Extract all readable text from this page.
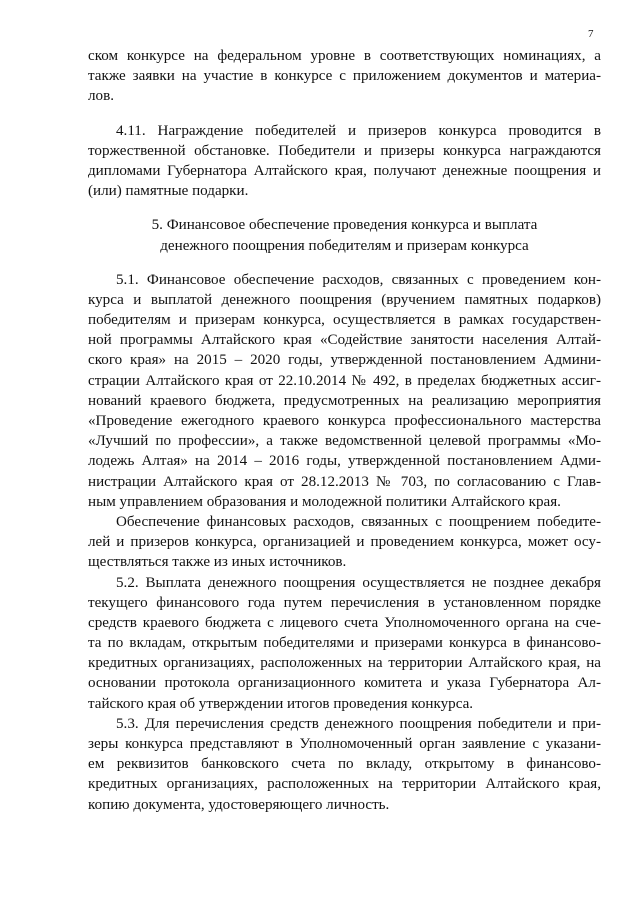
7
ском конкурсе на федеральном уровне в соответствующих номинациях, а
также заявки на участие в конкурсе с приложением документов и материа-
лов.
4.11. Награждение победителей и призеров конкурса проводится в
торжественной обстановке. Победители и призеры конкурса награждаются
дипломами Губернатора Алтайского края, получают денежные поощрения и
(или) памятные подарки.
5. Финансовое обеспечение проведения конкурса и выплата
денежного поощрения победителям и призерам конкурса
5.1. Финансовое обеспечение расходов, связанных с проведением кон-
курса и выплатой денежного поощрения (вручением памятных подарков)
победителям и призерам конкурса, осуществляется в рамках государствен-
ной программы Алтайского края «Содействие занятости населения Алтай-
ского края» на 2015 – 2020 годы, утвержденной постановлением Админи-
страции Алтайского края от 22.10.2014 № 492, в пределах бюджетных ассиг-
нований краевого бюджета, предусмотренных на реализацию мероприятия
«Проведение ежегодного краевого конкурса профессионального мастерства
«Лучший по профессии», а также ведомственной целевой программы «Мо-
лодежь Алтая» на 2014 – 2016 годы, утвержденной постановлением Адми-
нистрации Алтайского края от 28.12.2013 № 703, по согласованию с Глав-
ным управлением образования и молодежной политики Алтайского края.
Обеспечение финансовых расходов, связанных с поощрением победите-
лей и призеров конкурса, организацией и проведением конкурса, может осу-
ществляться также из иных источников.
5.2. Выплата денежного поощрения осуществляется не позднее декабря
текущего финансового года путем перечисления в установленном порядке
средств краевого бюджета с лицевого счета Уполномоченного органа на сче-
та по вкладам, открытым победителями и призерами конкурса в финансово-
кредитных организациях, расположенных на территории Алтайского края, на
основании протокола организационного комитета и указа Губернатора Ал-
тайского края об утверждении итогов проведения конкурса.
5.3. Для перечисления средств денежного поощрения победители и при-
зеры конкурса представляют в Уполномоченный орган заявление с указани-
ем реквизитов банковского счета по вкладу, открытому в финансово-
кредитных организациях, расположенных на территории Алтайского края,
копию документа, удостоверяющего личность.
